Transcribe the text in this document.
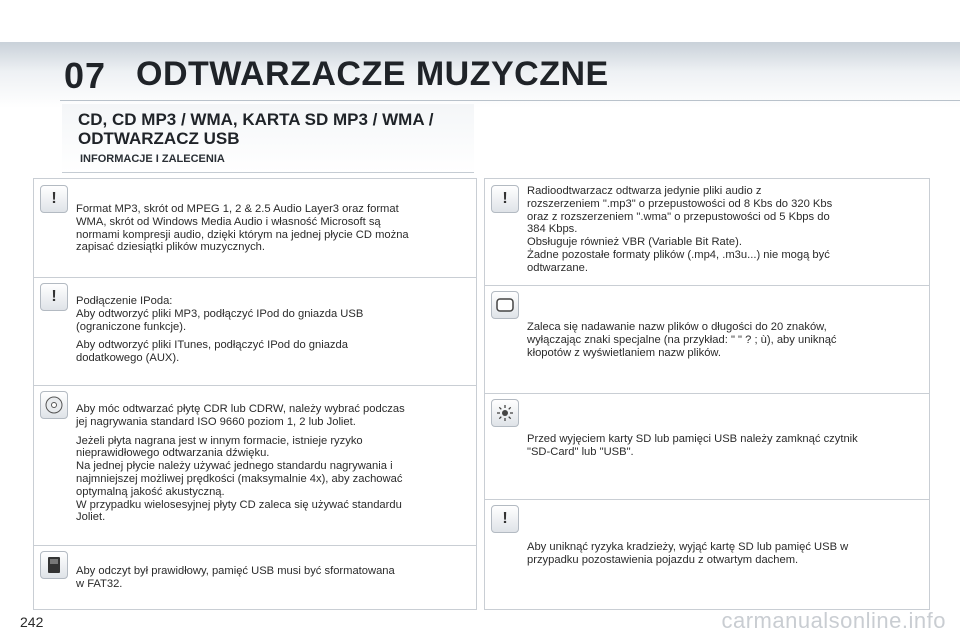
07 ODTWARZACZE MUZYCZNE
CD, CD MP3 / WMA, KARTA SD MP3 / WMA / ODTWARZACZ USB
INFORMACJE I ZALECENIA
!

Format MP3, skrót od MPEG 1, 2 & 2.5 Audio Layer3 oraz format
WMA, skrót od Windows Media Audio i własność Microsoft są
normami kompresji audio, dzięki którym na jednej płycie CD można
zapisać dziesiątki plików muzycznych.

!	Podłączenie IPoda:
Aby odtworzyć pliki MP3, podłączyć IPod do gniazda USB
(ograniczone funkcje).

Aby odtworzyć pliki ITunes, podłączyć IPod do gniazda
dodatkowego (AUX).

Aby móc odtwarzać płytę CDR lub CDRW, należy wybrać podczas
jej nagrywania standard ISO 9660 poziom 1, 2 lub Joliet.

Jeżeli płyta nagrana jest w innym formacie, istnieje ryzyko
nieprawidłowego odtwarzania dźwięku.
Na jednej płycie należy używać jednego standardu nagrywania i
najmniejszej możliwej prędkości (maksymalnie 4x), aby zachować
optymalną jakość akustyczną.
W przypadku wielosesyjnej płyty CD zaleca się używać standardu
Joliet.

Aby odczyt był prawidłowy, pamięć USB musi być sformatowana
w FAT32.

!	Radioodtwarzacz odtwarza jedynie pliki audio z
rozszerzeniem ".mp3" o przepustowości od 8 Kbs do 320 Kbs
oraz z rozszerzeniem ".wma" o przepustowości od 5 Kbps do
384 Kbps.
Obsługuje również VBR (Variable Bit Rate).
Żadne pozostałe formaty plików (.mp4, .m3u...) nie mogą być
odtwarzane.

Zaleca się nadawanie nazw plików o długości do 20 znaków,
wyłączając znaki specjalne (na przykład: " " ? ; ù), aby uniknąć
kłopotów z wyświetlaniem nazw plików.

Przed wyjęciem karty SD lub pamięci USB należy zamknąć czytnik
"SD-Card" lub "USB".

!

Aby uniknąć ryzyka kradzieży, wyjąć kartę SD lub pamięć USB w
przypadku pozostawienia pojazdu z otwartym dachem.

242	carmanualsonline.info
